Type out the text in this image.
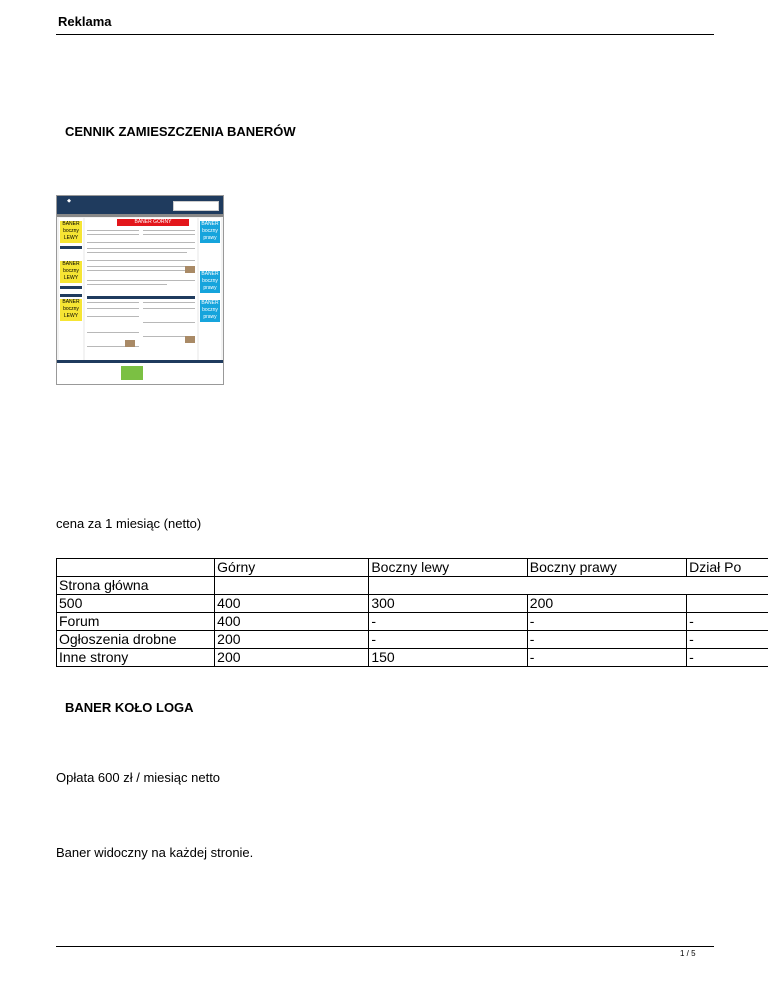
Reklama
CENNIK ZAMIESZCZENIA BANERÓW
◆
BANER GÓRNY
BANER boczny LEWY
BANER boczny LEWY
BANER boczny LEWY
BANER boczny prawy
BANER boczny prawy
BANER boczny prawy
cena za 1 miesiąc (netto)
	Górny	Boczny lewy	Boczny prawy	Dział Po
Strona główna				
500	400	300	200	
Forum	400	-	-	-
Ogłoszenia drobne	200	-	-	-
Inne strony	200	150	-	-
BANER KOŁO LOGA
Opłata 600 zł / miesiąc netto
Baner widoczny na każdej stronie.
1 / 5
